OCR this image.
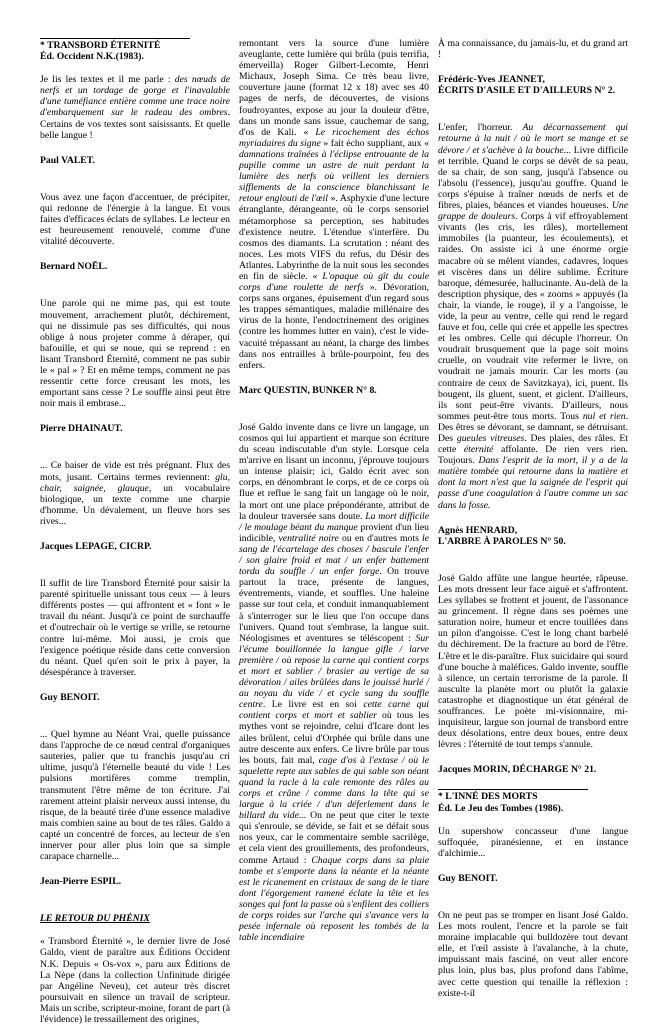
* TRANSBORD ÉTERNITÉ

Éd. Occident N.K.(1983).

Je lis les textes et il me parle : des nœuds de nerfs et un tordage de gorge et l'inavalable d'une tuméfiance entière comme une trace noire d'embarquement sur le radeau des ombres. Certains de vos textes sont saisissants. Et quelle belle langue !

Paul VALET.

Vous avez une façon d'accentuer, de précipiter, qui redonne de l'énergie à la langue. Et vous faites d'efficaces éclats de syllabes. Le lecteur en est heureusement renouvelé, comme d'une vitalité découverte.

Bernard NOËL.

Une parole qui ne mime pas, qui est toute mouvement, arrachement plutôt, déchirement, qui ne dissimule pas ses difficultés, qui nous oblige à nous projeter comme à déraper, qui bafouille, et qui se noue, qui se reprend : en lisant Transbord Éternité, comment ne pas subir le « pal » ? Et en même temps, comment ne pas ressentir cette force creusant les mots, les emportant sans cesse ? Le souffle ainsi peut être noir mais il embrase...

Pierre DHAINAUT.

... Ce baiser de vide est très prégnant. Flux des mots, jusant. Certains termes reviennent: glu, chair, saignée, glauque, un vocabulaire biologique, un texte comme une charpie d'homme. Un dévalement, un fleuve hors ses rives...

Jacques LEPAGE, CICRP.

Il suffit de lire Transbord Éternité pour saisir la parenté spirituelle unissant tous ceux — à leurs différents postes — qui affrontent et « font » le travail du néant. Jusqu'à ce point de surchauffe et d'outrechair où le vertige se vrille, se retourne contre lui-même. Moi aussi, je crois que l'exigence poétique réside dans cette conversion du néant. Quel qu'en soit le prix à payer, la désespérance à traverser.

Guy BENOIT.

... Quel hymne au Néant Vrai, quelle puissance dans l'approche de ce nœud central d'organiques sauteries, palier que tu franchis jusqu'au cri ultime, jusqu'à l'éternelle beauté du vide ! Les pulsions mortifères comme tremplin, transmutent l'être même de ton écriture. J'ai rarement atteint plaisir nerveux aussi intense, du risque, de la beauté tirée d'une essence maladive mais combien saine au bout de tes râles. Galdo a capté un concentré de forces, au lecteur de s'en innerver pour aller plus loin que sa simple carapace charnelle...

Jean-Pierre ESPIL.

LE RETOUR DU PHÉNIX

« Transbord Éternité », le dernier livre de José Galdo, vient de paraître aux Éditions Occident N.K. Depuis « Os-vox », paru aux Éditions de La Nèpe (dans la collection Unfinitude dirigée par Angéline Neveu), cet auteur très discret poursuivait en silence un travail de scripteur. Mais un scribe, scripteur-moine, forant de part (à l'évidence) le tressaillement des origines,

remontant vers la source d'une lumière aveuglante, cette lumière qui brûla (puis terrifia, émerveilla) Roger Gilbert-Lecomte, Henri Michaux, Joseph Sima. Ce très beau livre, couverture jaune (format 12 x 18) avec ses 40 pages de nerfs, de découvertes, de visions foudroyantes, expose au jour la douleur d'être, dans un monde sans issue, cauchemar de sang, d'os de Kali. « Le ricochement des échos myriadaires du signe » fait écho suppliant, aux « damnations traînées à l'éclipse entrouante de la pupille comme un astre de nuit perdant la lumière des nerfs où vrillent les derniers sifflements de la conscience blanchissant le retour englouti de l'œil ». Asphyxie d'une lecture étranglante, dérangeante, où le corps sensoriel métamorphose sa perception, ses habitudes d'existence neutre. L'étendue s'interfère. Du cosmos des diamants. La scrutation : néant des noces. Les mots VIFS du refus, du Désir des Atlantes. Labyrinthe de la nuit sous les secondes en fin de siècle. « L'opaque où gît du coule corps d'une roulette de nerfs ». Dévoration, corps sans organes, épuisement d'un regard sous les trappes sémantiques, maladie millénaire des virus de la honte, l'endoctrinement des origines (contre les hommes lutter en vain), c'est le vide-vacuité trépassant au néant, la charge des limbes dans nos entrailles à brûle-pourpoint, feu des enfers.

Marc QUESTIN, BUNKER N° 8.

José Galdo invente dans ce livre un langage, un cosmos qui lui appartient et marque son écriture du sceau indiscutable d'un style. Lorsque cela m'arrive en lisant un inconnu, j'éprouve toujours un intense plaisir; ici, Galdo écrit avec son corps, en dénombrant le corps, et de ce corps où flue et reflue le sang fait un langage où le noir, la mort ont une place prépondérante, attribut de la douleur traversée sans doute. La mort difficile / le moulage béant du manque provient d'un lieu indicible, ventralité noire ou en d'autres mots le sang de l'écartelage des choses / bascule l'enfer / son glaire froid et mat / un enfer battement tordu du souffle / un enfer forge. On trouve partout la trace, présente de langues, éventrements, viande, et souffles. Une haleine passe sur tout cela, et conduit inmanquablement à s'interroger sur le lieu que l'on occupe dans l'univers. Quand tout s'embrase, la langue suit. Néologismes et aventures se téléscopent : Sur l'écume bouillonnée la langue gifle / larve première / où repose la carne qui contient corps et mort et sablier / brasier au vertige de sa dévoration / ailes brûlées dans le jouissé hurlé / au noyau du vide / et cycle sang du souffle centre. Le livre est en soi cette carne qui contient corps et mort et sablier où tous les mythes vont se rejoindre, celui d'Icare dont les ailes brûlent, celui d'Orphée qui brûle dans une autre descente aux enfers. Ce livre brûle par tous les bouts, fait mal, cage d'os à l'extase / où le squelette repte aux sables de qui sable son néant quand la racle à la cale remonte des râles au corps et crâne / comme dans la tête qui se largue à la criée / d'un déferlement dans le billard du vide... On ne peut que citer le texte qui s'enroule, se dévide, se fait et se défait sous nos yeux, car le commentaire semble sacrilège, et cela vient des grouillements, des profondeurs, comme Artaud : Chaque corps dans sa plaie tombe et s'emporte dans la néante et la néante est le ricanement en cristaux de sang de le tiare dont l'égorgement ramené éclate la tête et les songes qui font la passe où s'enfilent des colliers de corps roides sur l'arche qui s'avance vers la pesée infernale où reposent les tombés de la table incendiaire

À ma connaissance, du jamais-lu, et du grand art !

Frédéric-Yves JEANNET,

ÉCRITS D'ASILE ET D'AILLEURS N° 2.

L'enfer, l'horreur. Au décarnassement qui retourne à la nuit / où le mort se mange et se dévore / et s'achève à la bouche... Livre difficile et terrible. Quand le corps se dévêt de sa peau, de sa chair, de son sang, jusqu'à l'absence ou l'absolu (l'essence), jusqu'au gouffre. Quand le corps s'épuise à traîner nœuds de nerfs et de fibres, plaies, béances et viandes houeuses. Une grappe de douleurs. Corps à vif effroyablement vivants (les cris, les râles), mortellement immobiles (la puanteur, les écoulements), et raides. On assiste ici à une énorme orgie macabre où se mêlent viandes, cadavres, loques et viscères dans un délire sublime. Écriture baroque, démesurée, hallucinante. Au-delà de la description physique, des « zooms » appuyés (la chair, la viande, le rouge), il y a l'angoisse, le vide, la peur au ventre, celle qui rend le regard fauve et fou, celle qui crée et appelle les spectres et les ombres. Celle qui décuple l'horreur. On voudrait brusquement que la page soit moins cruelle, on voudrait vite refermer le livre, on voudrait ne jamais mourir. Car les morts (au contraire de ceux de Savitzkaya), ici, puent. Ils bougent, ils gluent, suent, et giclent. D'ailleurs, ils sont peut-être vivants. D'ailleurs, nous sommes peut-être tous morts. Tous nul et rien. Des êtres se dévorant, se damnant, se détruisant. Des gueules vitreuses. Des plaies, des râles. Et cette éternité affolante. De rien vers rien. Toujours. Dans l'esprit de la mort, il y a de la matière tombée qui retourne dans la matière et dont la mort n'est que la saignée de l'esprit qui passe d'une coagulation à l'autre comme un sac dans la fosse.

Agnès HENRARD,

L'ARBRE À PAROLES N° 50.

José Galdo affûte une langue heurtée, râpeuse. Les mots dressent leur face aiguë et s'affrontent. Les syllabes se frottent et jouent, de l'assonance au grincement. Il règne dans ses poèmes une saturation noire, humeur et encre touillées dans un pilon d'angoisse. C'est le long chant barbelé du déchirement. De la fracture au bord de l'être. L'être et le dis-paraître. Flux suicidaire qui sourd d'une bouche à maléfices. Galdo invente, souffle à silence, un certain terrorisme de la parole. Il ausculte la planète mort ou plutôt la galaxie catastrophe et diagnostique un état général de souffrances. Le poète mi-visionnaire, mi-inquisiteur, largue son journal de transbord entre deux désolations, entre deux boues, entre deux lèvres : l'éternité de tout temps s'annule.

Jacques MORIN, DÉCHARGE N° 21.

* L'INNÉ DES MORTS

Éd. Le Jeu des Tombes (1986).

Un supershow concasseur d'une langue suffoquée, piranésienne, et en instance d'alchimie...

Guy BENOIT.

On ne peut pas se tromper en lisant José Galdo. Les mots roulent, l'encre et la parole se fait moraine implacable qui bulldozère tout devant elle, et l'œil assiste à l'avalanche, à la chute, impuissant mais fasciné, on veut aller encore plus loin, plus bas, plus profond dans l'abîme, avec cette question qui tenaille la réflexion : existe-t-il
